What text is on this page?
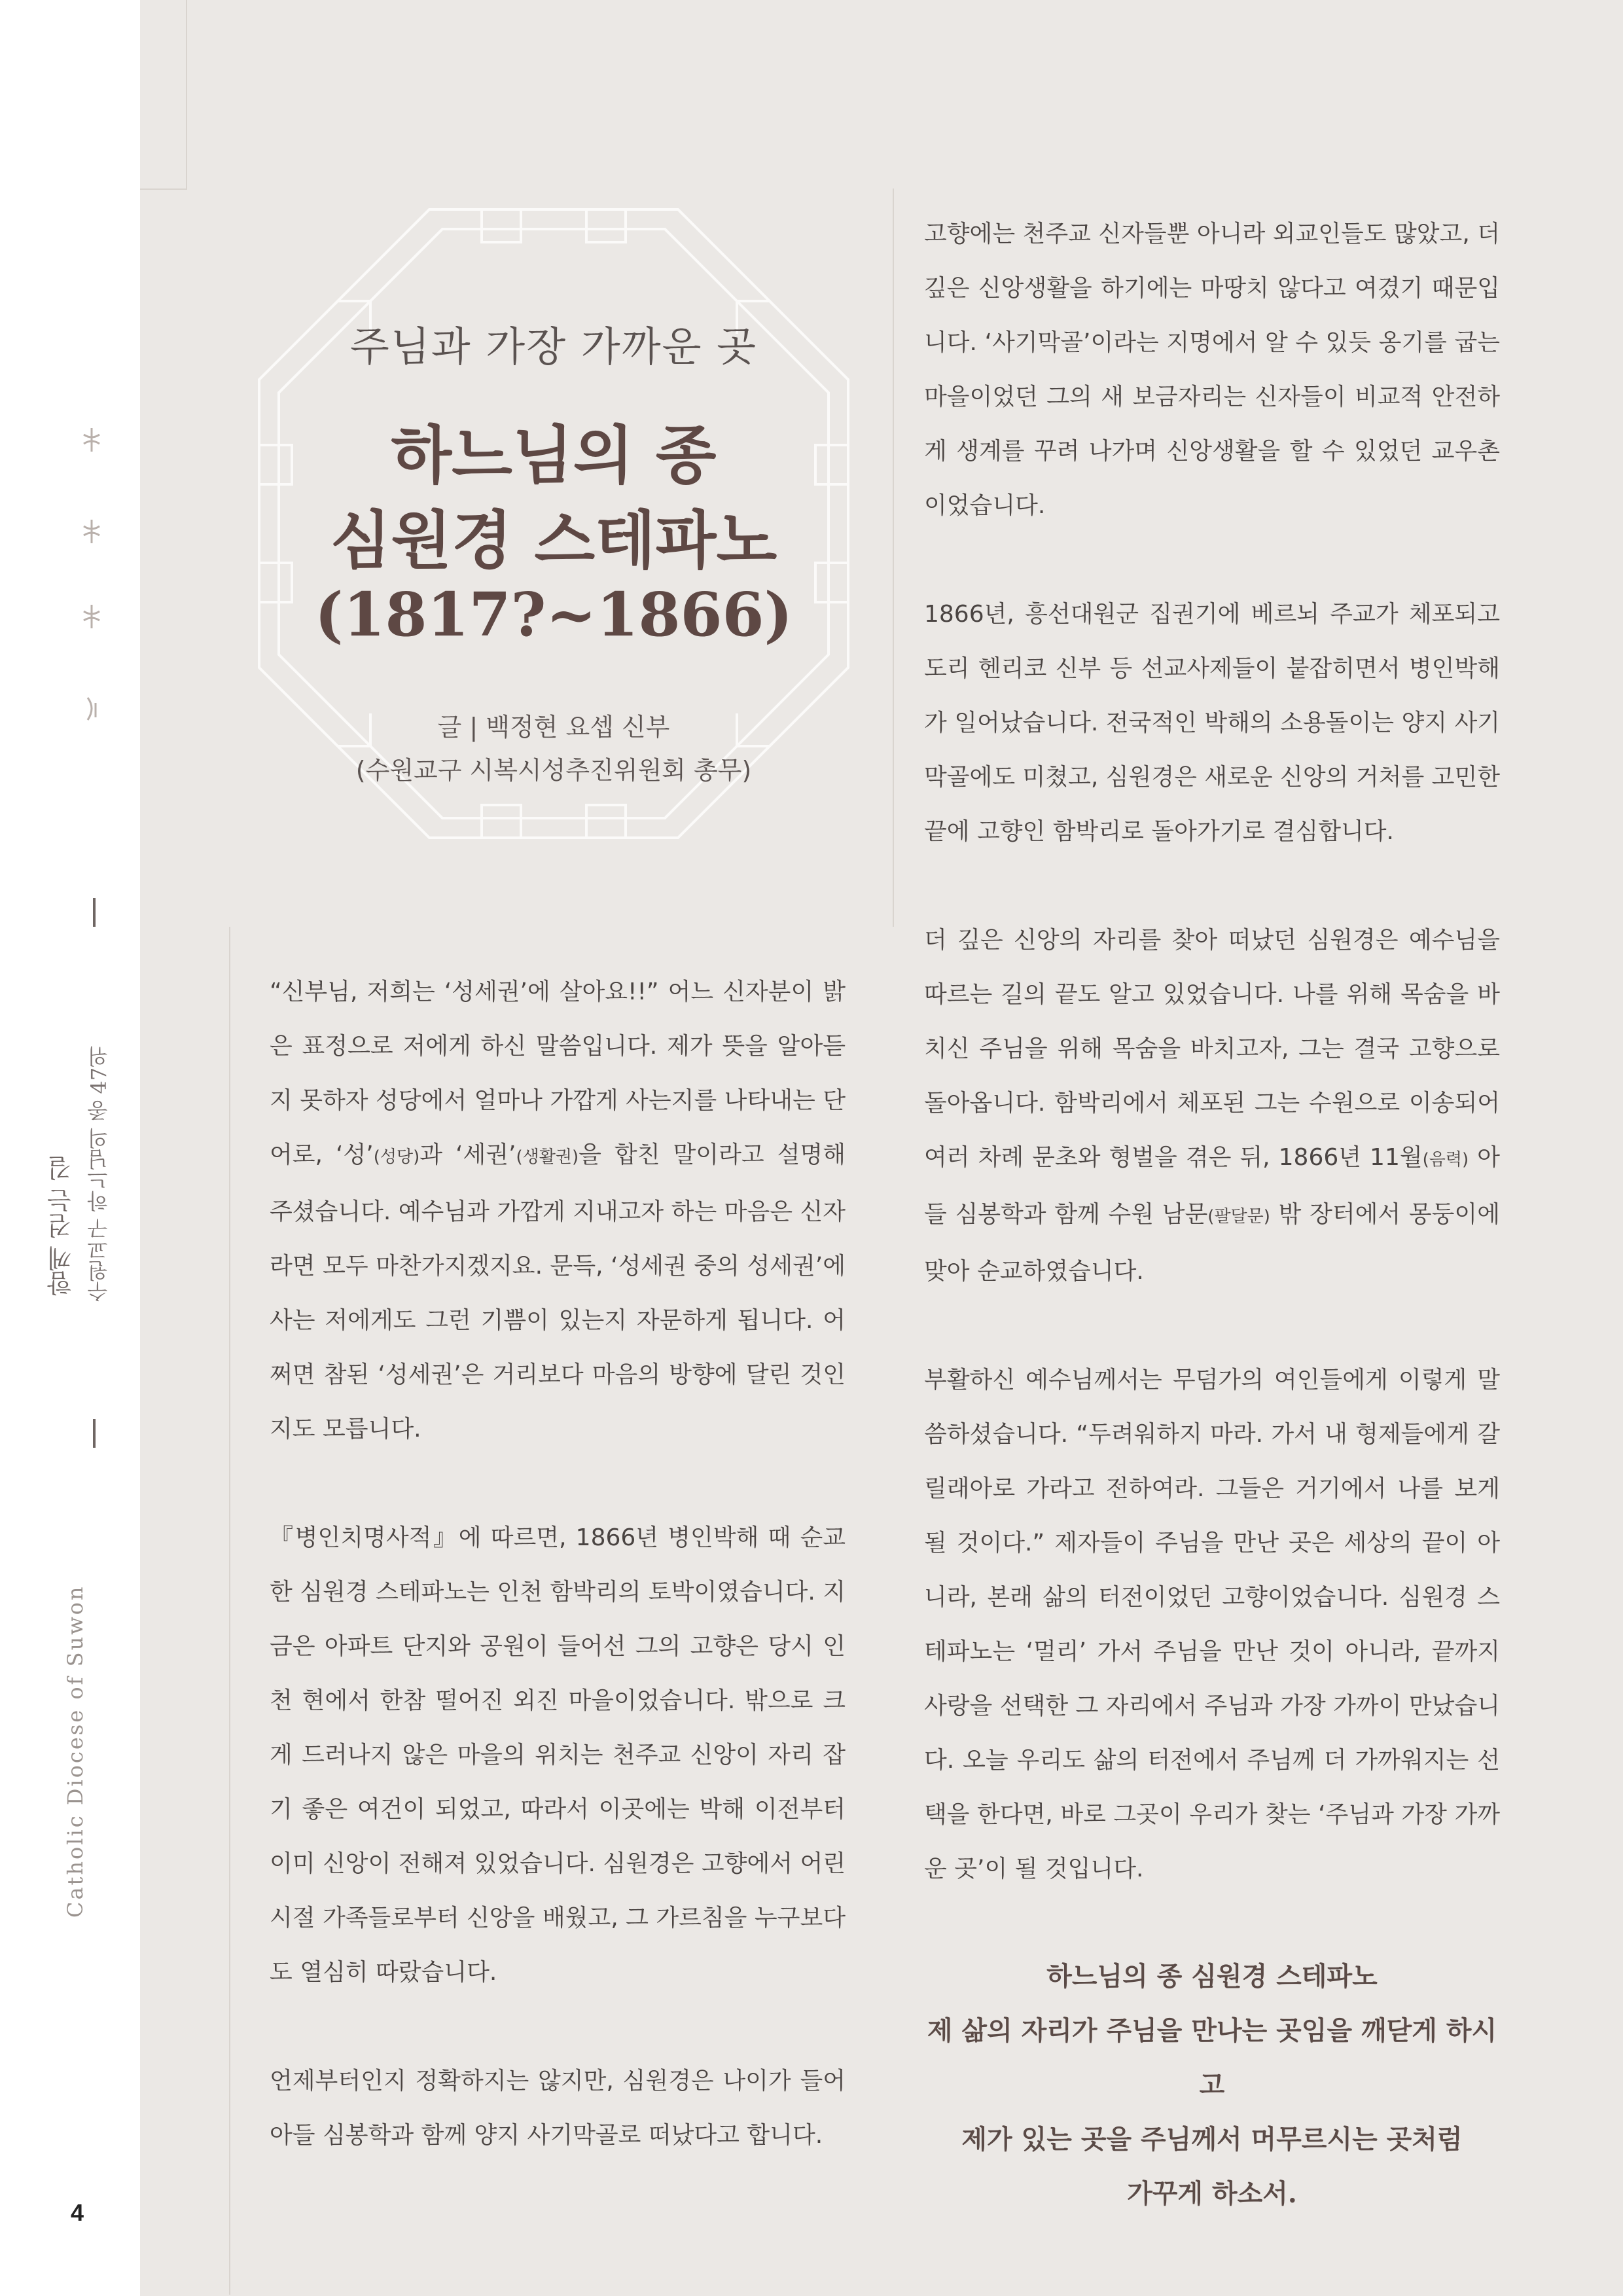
함께 걷는 길 수원교구 하느님의 종 47위
Catholic Diocese of Suwon
4
주님과 가장 가까운 곳
하느님의 종
심원경 스테파노
(1817?~1866)
글 | 백정현 요셉 신부
(수원교구 시복시성추진위원회 총무)

“신부님, 저희는 ‘성세권’에 살아요!!” 어느 신자분이 밝은 표정으로 저에게 하신 말씀입니다. 제가 뜻을 알아듣지 못하자 성당에서 얼마나 가깝게 사는지를 나타내는 단어로, ‘성’(성당)과 ‘세권’(생활권)을 합친 말이라고 설명해 주셨습니다. 예수님과 가깝게 지내고자 하는 마음은 신자라면 모두 마찬가지겠지요. 문득, ‘성세권 중의 성세권’에 사는 저에게도 그런 기쁨이 있는지 자문하게 됩니다. 어쩌면 참된 ‘성세권’은 거리보다 마음의 방향에 달린 것인지도 모릅니다.

『병인치명사적』에 따르면, 1866년 병인박해 때 순교한 심원경 스테파노는 인천 함박리의 토박이였습니다. 지금은 아파트 단지와 공원이 들어선 그의 고향은 당시 인천 현에서 한참 떨어진 외진 마을이었습니다. 밖으로 크게 드러나지 않은 마을의 위치는 천주교 신앙이 자리 잡기 좋은 여건이 되었고, 따라서 이곳에는 박해 이전부터 이미 신앙이 전해져 있었습니다. 심원경은 고향에서 어린 시절 가족들로부터 신앙을 배웠고, 그 가르침을 누구보다도 열심히 따랐습니다.

언제부터인지 정확하지는 않지만, 심원경은 나이가 들어 아들 심봉학과 함께 양지 사기막골로 떠났다고 합니다.

고향에는 천주교 신자들뿐 아니라 외교인들도 많았고, 더 깊은 신앙생활을 하기에는 마땅치 않다고 여겼기 때문입니다. ‘사기막골’이라는 지명에서 알 수 있듯 옹기를 굽는 마을이었던 그의 새 보금자리는 신자들이 비교적 안전하게 생계를 꾸려 나가며 신앙생활을 할 수 있었던 교우촌이었습니다.

1866년, 흥선대원군 집권기에 베르뇌 주교가 체포되고 도리 헨리코 신부 등 선교사제들이 붙잡히면서 병인박해가 일어났습니다. 전국적인 박해의 소용돌이는 양지 사기막골에도 미쳤고, 심원경은 새로운 신앙의 거처를 고민한 끝에 고향인 함박리로 돌아가기로 결심합니다.

더 깊은 신앙의 자리를 찾아 떠났던 심원경은 예수님을 따르는 길의 끝도 알고 있었습니다. 나를 위해 목숨을 바치신 주님을 위해 목숨을 바치고자, 그는 결국 고향으로 돌아옵니다. 함박리에서 체포된 그는 수원으로 이송되어 여러 차례 문초와 형벌을 겪은 뒤, 1866년 11월(음력) 아들 심봉학과 함께 수원 남문(팔달문) 밖 장터에서 몽둥이에 맞아 순교하였습니다.

부활하신 예수님께서는 무덤가의 여인들에게 이렇게 말씀하셨습니다. “두려워하지 마라. 가서 내 형제들에게 갈릴래아로 가라고 전하여라. 그들은 거기에서 나를 보게 될 것이다.” 제자들이 주님을 만난 곳은 세상의 끝이 아니라, 본래 삶의 터전이었던 고향이었습니다. 심원경 스테파노는 ‘멀리’ 가서 주님을 만난 것이 아니라, 끝까지 사랑을 선택한 그 자리에서 주님과 가장 가까이 만났습니다. 오늘 우리도 삶의 터전에서 주님께 더 가까워지는 선택을 한다면, 바로 그곳이 우리가 찾는 ‘주님과 가장 가까운 곳’이 될 것입니다.

하느님의 종 심원경 스테파노
제 삶의 자리가 주님을 만나는 곳임을 깨닫게 하시고
제가 있는 곳을 주님께서 머무르시는 곳처럼
가꾸게 하소서.
